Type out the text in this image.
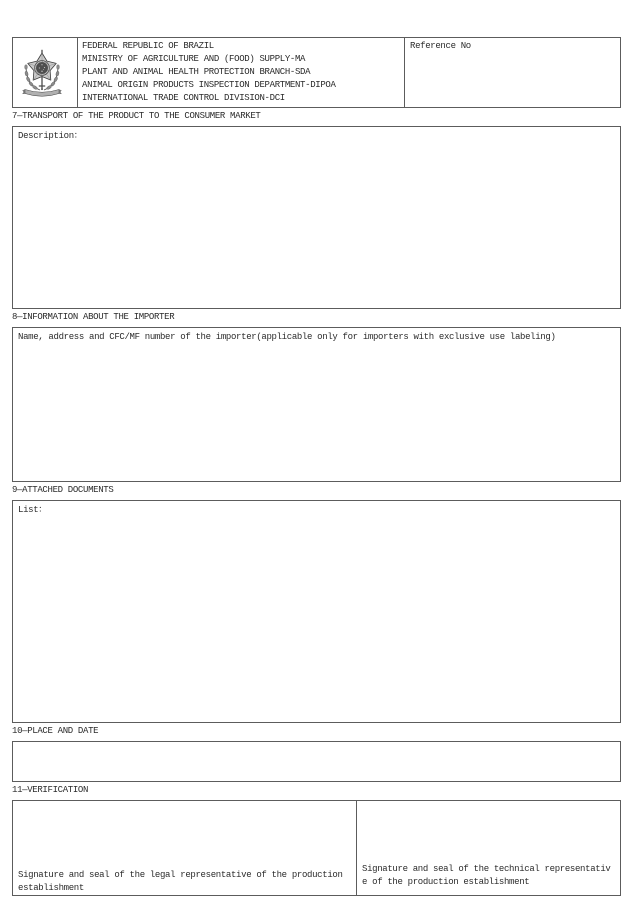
FEDERAL REPUBLIC OF BRAZIL
MINISTRY OF AGRICULTURE AND (FOOD) SUPPLY-MA
PLANT AND ANIMAL HEALTH PROTECTION BRANCH-SDA
ANIMAL ORIGIN PRODUCTS INSPECTION DEPARTMENT-DIPOA
INTERNATIONAL TRADE CONTROL DIVISION-DCI
Reference No
7—TRANSPORT OF THE PRODUCT TO THE CONSUMER MARKET
Description：
8—INFORMATION ABOUT THE IMPORTER
Name, address and CFC/MF number of the importer(applicable only for importers with exclusive use labeling)
9—ATTACHED DOCUMENTS
List：
10—PLACE AND DATE
11—VERIFICATION
Signature and seal of the legal representative of the production establishment
Signature and seal of the technical representative of the production establishment
